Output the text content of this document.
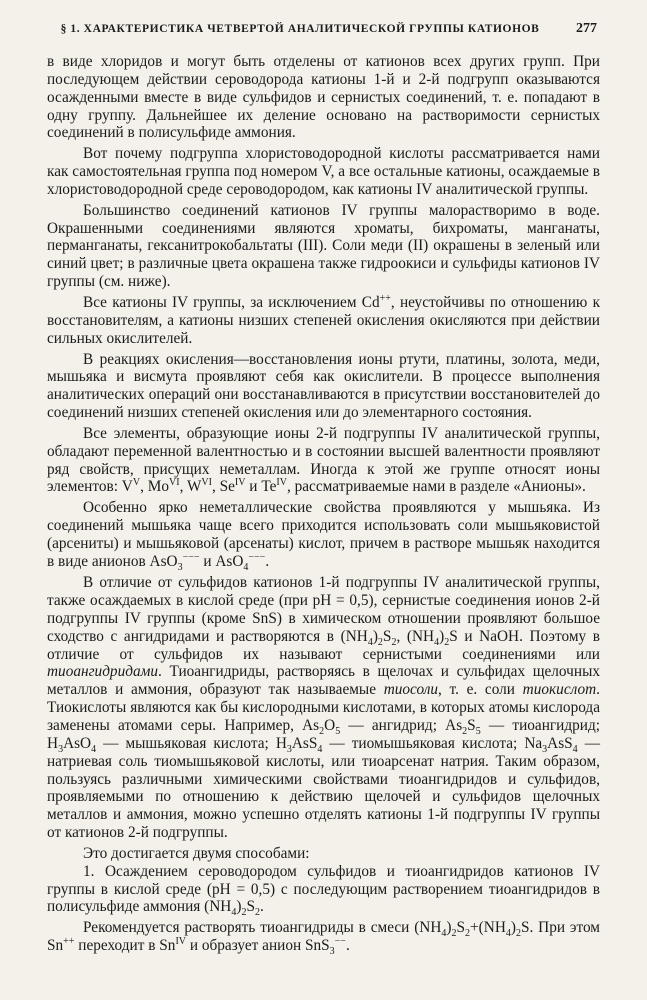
§ 1. ХАРАКТЕРИСТИКА ЧЕТВЕРТОЙ АНАЛИТИЧЕСКОЙ ГРУППЫ КАТИОНОВ	277

в виде хлоридов и могут быть отделены от катионов всех других групп. При последующем действии сероводорода катионы 1-й и 2-й подгрупп оказываются осажденными вместе в виде сульфидов и сернистых соединений, т. е. попадают в одну группу. Дальнейшее их деление основано на растворимости сернистых соединений в полисульфиде аммония.

Вот почему подгруппа хлористоводородной кислоты рассматривается нами как самостоятельная группа под номером V, а все остальные катионы, осаждаемые в хлористоводородной среде сероводородом, как катионы IV аналитической группы.

Большинство соединений катионов IV группы малорастворимо в воде. Окрашенными соединениями являются хроматы, бихроматы, манганаты, перманганаты, гексанитрокобальтаты (III). Соли меди (II) окрашены в зеленый или синий цвет; в различные цвета окрашена также гидроокиси и сульфиды катионов IV группы (см. ниже).

Все катионы IV группы, за исключением Cd++, неустойчивы по отношению к восстановителям, а катионы низших степеней окисления окисляются при действии сильных окислителей.

В реакциях окисления—восстановления ионы ртути, платины, золота, меди, мышьяка и висмута проявляют себя как окислители. В процессе выполнения аналитических операций они восстанавливаются в присутствии восстановителей до соединений низших степеней окисления или до элементарного состояния.

Все элементы, образующие ионы 2-й подгруппы IV аналитической группы, обладают переменной валентностью и в состоянии высшей валентности проявляют ряд свойств, присущих неметаллам. Иногда к этой же группе относят ионы элементов: $V^V$, $Mo^{VI}$, $W^{VI}$, $Se^{IV}$ и $Te^{IV}$, рассматриваемые нами в разделе «Анионы».

Особенно ярко неметаллические свойства проявляются у мышьяка. Из соединений мышьяка чаще всего приходится использовать соли мышьяковистой (арсениты) и мышьяковой (арсенаты) кислот, причем в растворе мышьяк находится в виде анионов AsO$_3$−−− и AsO$_4$−−−.

В отличие от сульфидов катионов 1-й подгруппы IV аналитической группы, также осаждаемых в кислой среде (при pH = 0,5), сернистые соединения ионов 2-й подгруппы IV группы (кроме SnS) в химическом отношении проявляют большое сходство с ангидридами и растворяются в $(NH_4)_2S_2$, $(NH_4)_2S$ и NaOH. Поэтому в отличие от сульфидов их называют сернистыми соединениями или тиоангидридами. Тиоангидриды, растворяясь в щелочах и сульфидах щелочных металлов и аммония, образуют так называемые тиосоли, т. е. соли тиокислот. Тиокислоты являются как бы кислородными кислотами, в которых атомы кислорода заменены атомами серы. Например, $As_2O_5$ — ангидрид; $As_2S_5$ — тиоангидрид; $H_3AsO_4$ — мышьяковая кислота; $H_3AsS_4$ — тиомышьяковая кислота; $Na_3AsS_4$ — натриевая соль тиомышьяковой кислоты, или тиоарсенат натрия. Таким образом, пользуясь различными химическими свойствами тиоангидридов и сульфидов, проявляемыми по отношению к действию щелочей и сульфидов щелочных металлов и аммония, можно успешно отделять катионы 1-й подгруппы IV группы от катионов 2-й подгруппы.

Это достигается двумя способами:

1. Осаждением сероводородом сульфидов и тиоангидридов катионов IV группы в кислой среде (pH = 0,5) с последующим растворением тиоангидридов в полисульфиде аммония $(NH_4)_2S_2$.

Рекомендуется растворять тиоангидриды в смеси $(NH_4)_2S_2+(NH_4)_2S$. При этом Sn++ переходит в $Sn^{IV}$ и образует анион SnS$_3$−−.
